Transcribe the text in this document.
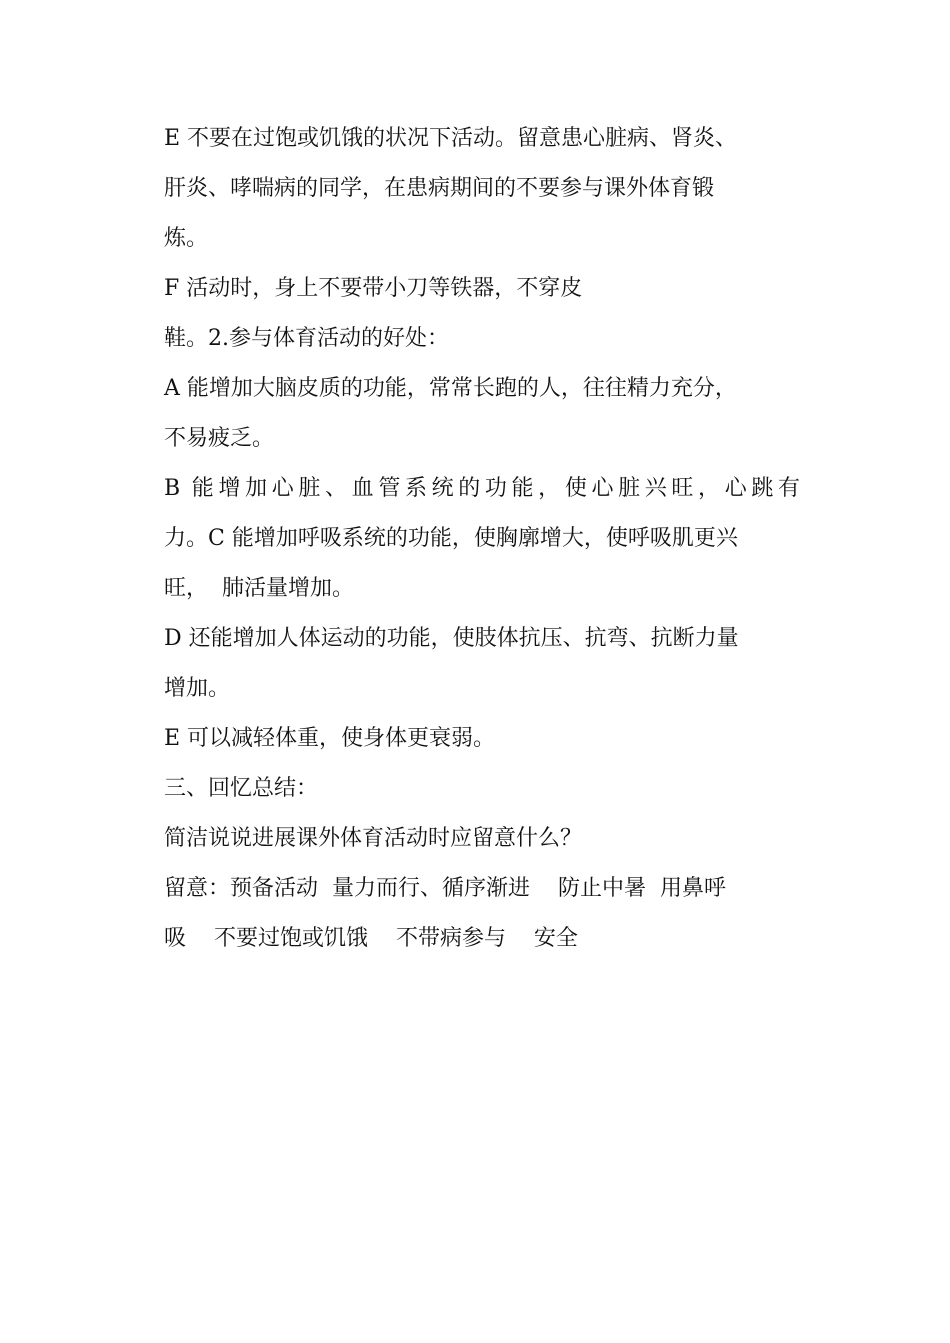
E 不要在过饱或饥饿的状况下活动。留意患心脏病、肾炎、
肝炎、哮喘病的同学，在患病期间的不要参与课外体育锻
炼。
F 活动时，身上不要带小刀等铁器，不穿皮
鞋。2.参与体育活动的好处：
A 能增加大脑皮质的功能，常常长跑的人，往往精力充分，
不易疲乏。
B 能增加心脏、血管系统的功能，使心脏兴旺，心跳有
力。C 能增加呼吸系统的功能，使胸廓增大，使呼吸肌更兴
旺，  肺活量增加。
D 还能增加人体运动的功能，使肢体抗压、抗弯、抗断力量
增加。
E 可以减轻体重，使身体更衰弱。
三、回忆总结：
简洁说说进展课外体育活动时应留意什么？
留意：预备活动  量力而行、循序渐进    防止中暑  用鼻呼
吸    不要过饱或饥饿    不带病参与    安全
